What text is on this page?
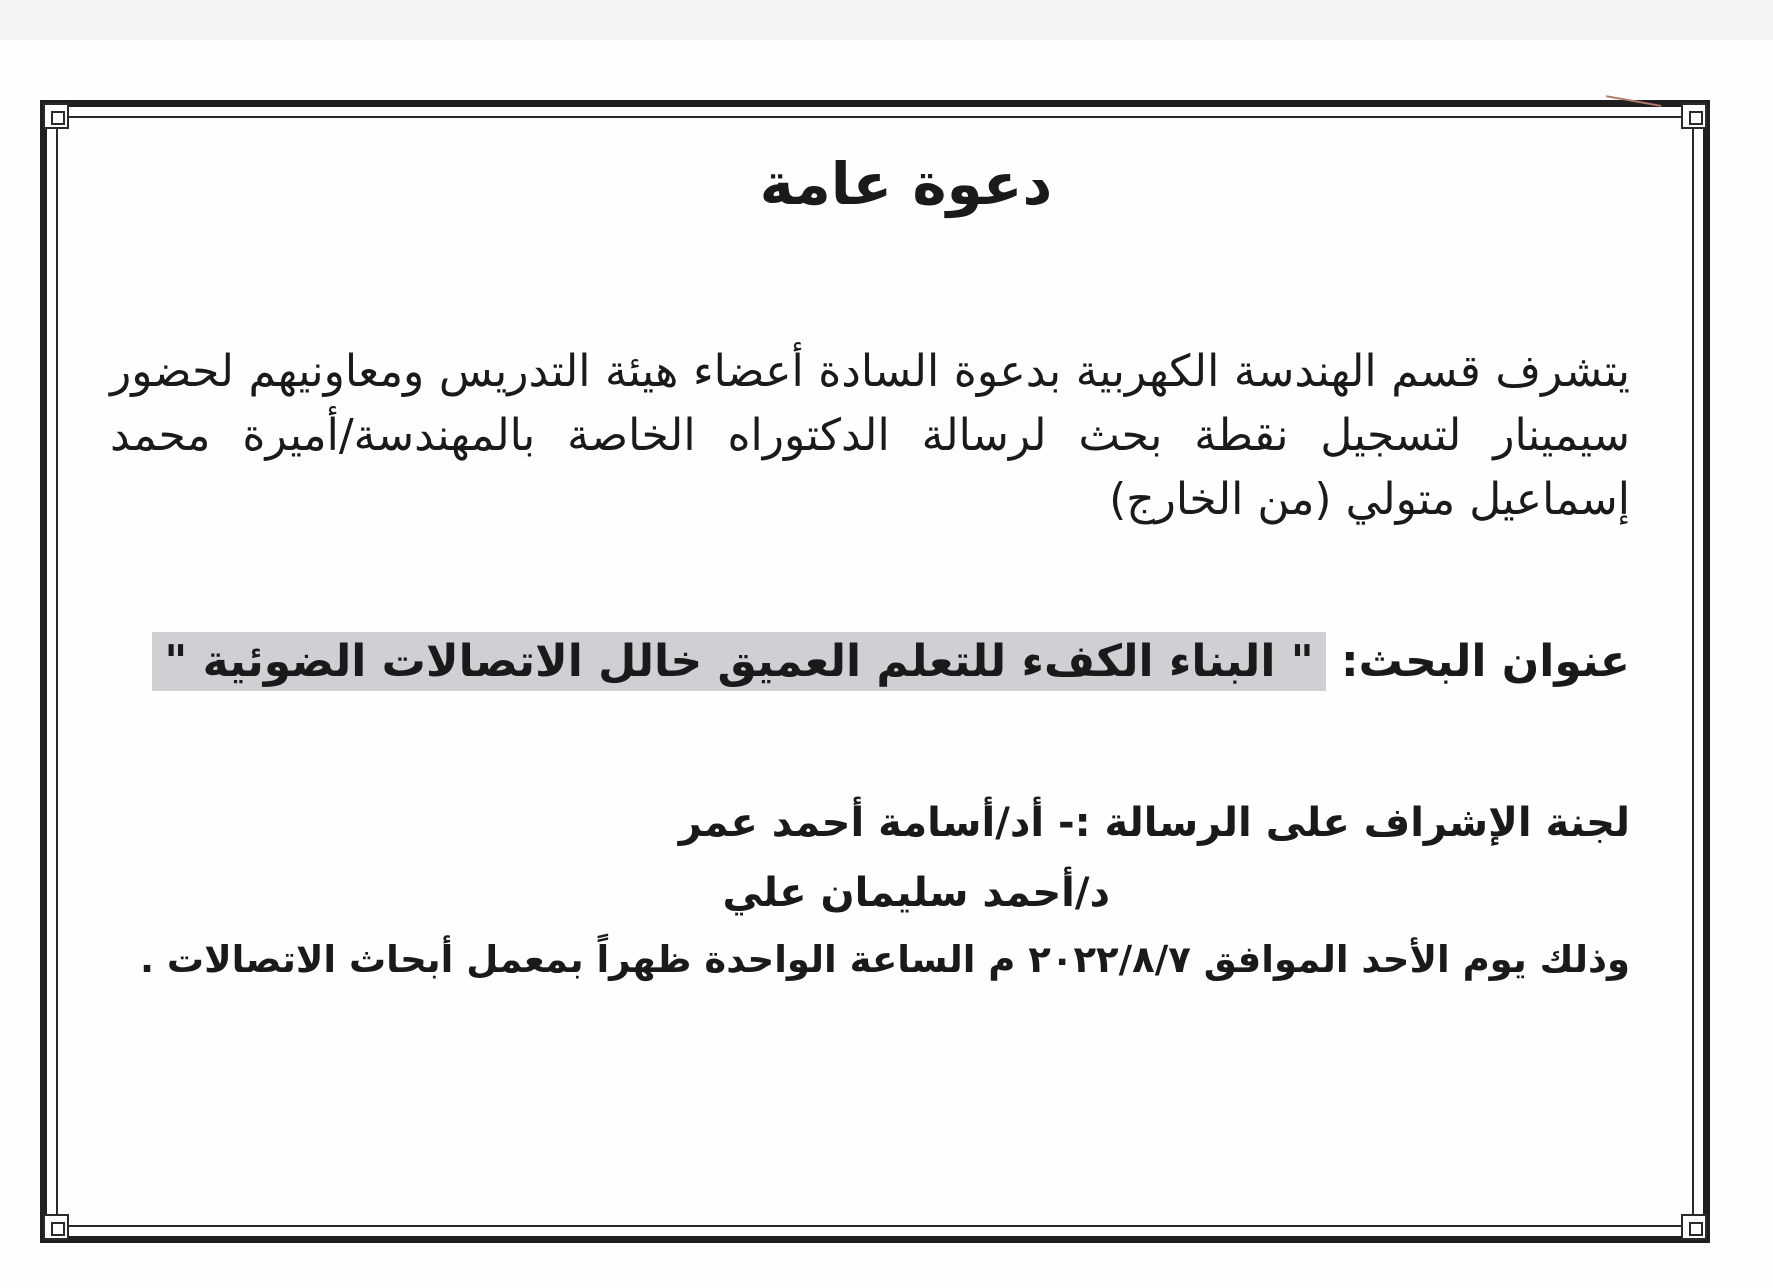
دعوة عامة
يتشرف قسم الهندسة الكهربية بدعوة السادة أعضاء هيئة التدريس ومعاونيهم لحضور سيمينار لتسجيل نقطة بحث لرسالة الدكتوراه الخاصة بالمهندسة/أميرة محمد إسماعيل متولي (من الخارج)
عنوان البحث: " البناء الكفء للتعلم العميق خالل الاتصالات الضوئية "
لجنة الإشراف على الرسالة :- أد/أسامة أحمد عمر
د/أحمد سليمان علي
وذلك يوم الأحد الموافق ٢٠٢٢/٨/٧ م الساعة الواحدة ظهراً بمعمل أبحاث الاتصالات .
